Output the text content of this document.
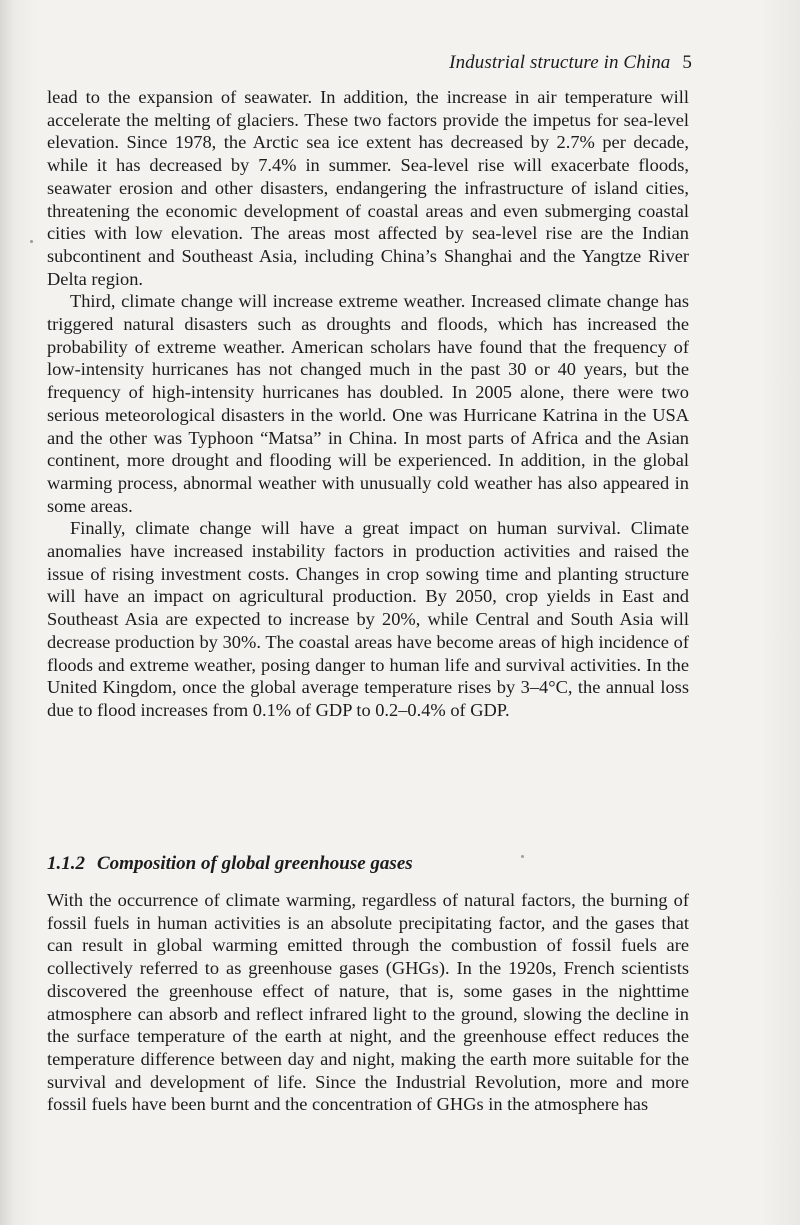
Industrial structure in China 5

lead to the expansion of seawater. In addition, the increase in air temperature will accelerate the melting of glaciers. These two factors provide the impetus for sea-level elevation. Since 1978, the Arctic sea ice extent has decreased by 2.7% per decade, while it has decreased by 7.4% in summer. Sea-level rise will exacerbate floods, seawater erosion and other disasters, endangering the infrastructure of island cities, threatening the economic development of coastal areas and even submerging coastal cities with low elevation. The areas most affected by sea-level rise are the Indian subcontinent and Southeast Asia, including China’s Shanghai and the Yangtze River Delta region.

Third, climate change will increase extreme weather. Increased climate change has triggered natural disasters such as droughts and floods, which has increased the probability of extreme weather. American scholars have found that the frequency of low-intensity hurricanes has not changed much in the past 30 or 40 years, but the frequency of high-intensity hurricanes has doubled. In 2005 alone, there were two serious meteorological disasters in the world. One was Hurricane Katrina in the USA and the other was Typhoon “Matsa” in China. In most parts of Africa and the Asian continent, more drought and flooding will be experienced. In addition, in the global warming process, abnormal weather with unusually cold weather has also appeared in some areas.

Finally, climate change will have a great impact on human survival. Climate anomalies have increased instability factors in production activities and raised the issue of rising investment costs. Changes in crop sowing time and planting structure will have an impact on agricultural production. By 2050, crop yields in East and Southeast Asia are expected to increase by 20%, while Central and South Asia will decrease production by 30%. The coastal areas have become areas of high incidence of floods and extreme weather, posing danger to human life and survival activities. In the United Kingdom, once the global average temperature rises by 3–4°C, the annual loss due to flood increases from 0.1% of GDP to 0.2–0.4% of GDP.

1.1.2 Composition of global greenhouse gases

With the occurrence of climate warming, regardless of natural factors, the burning of fossil fuels in human activities is an absolute precipitating factor, and the gases that can result in global warming emitted through the combustion of fossil fuels are collectively referred to as greenhouse gases (GHGs). In the 1920s, French scientists discovered the greenhouse effect of nature, that is, some gases in the nighttime atmosphere can absorb and reflect infrared light to the ground, slowing the decline in the surface temperature of the earth at night, and the greenhouse effect reduces the temperature difference between day and night, making the earth more suitable for the survival and development of life. Since the Industrial Revolution, more and more fossil fuels have been burnt and the concentration of GHGs in the atmosphere has
